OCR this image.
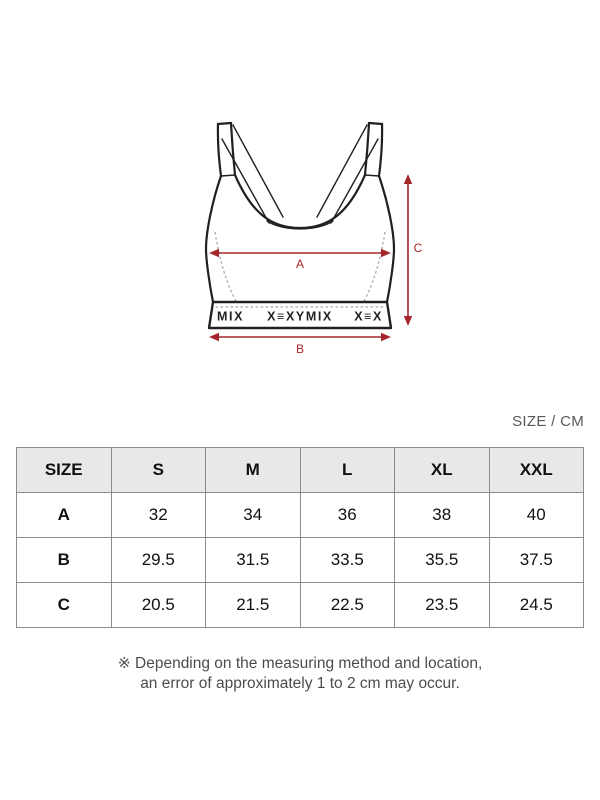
MIX X≡XYMIX X≡X
A
B
C
SIZE / CM
SIZE	S	M	L	XL	XXL
A	32	34	36	38	40
B	29.5	31.5	33.5	35.5	37.5
C	20.5	21.5	22.5	23.5	24.5
※ Depending on the measuring method and location,
an error of approximately 1 to 2 cm may occur.
